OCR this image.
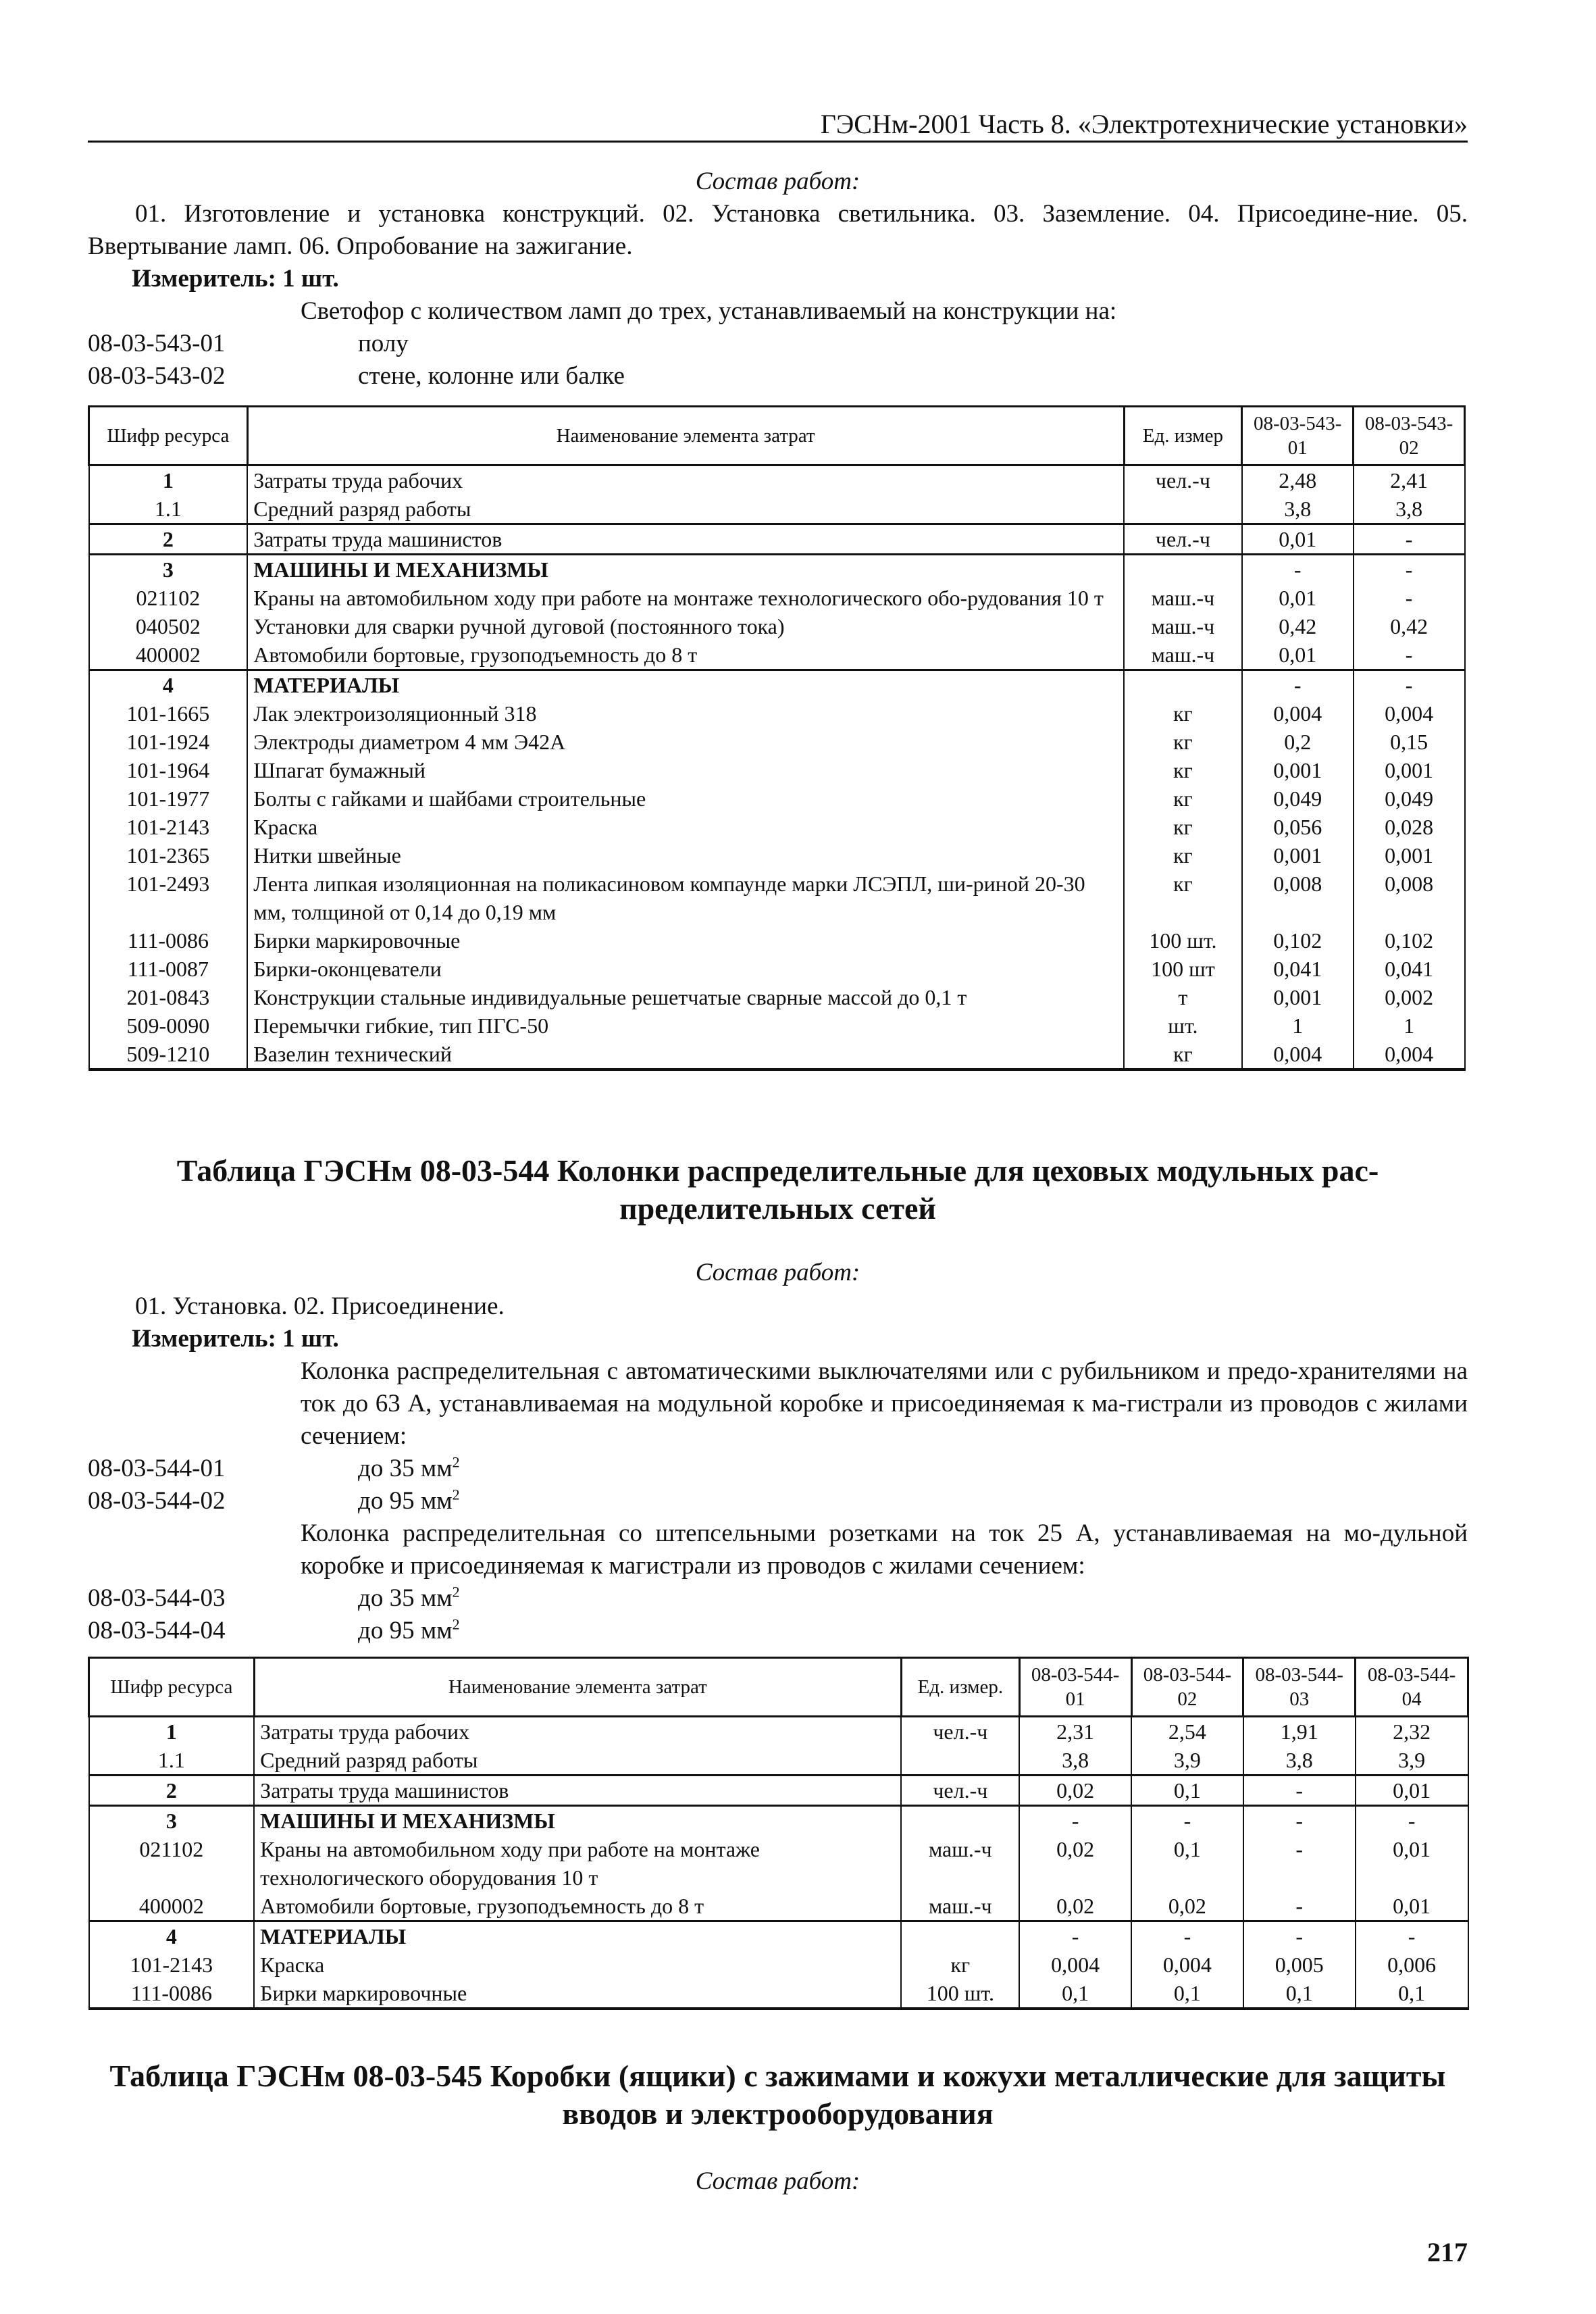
ГЭСНм-2001 Часть 8. «Электротехнические установки»
Состав работ:
01. Изготовление и установка конструкций. 02. Установка светильника. 03. Заземление. 04. Присоедине-ние. 05. Ввертывание ламп. 06. Опробование на зажигание.
Измеритель: 1 шт.
Светофор с количеством ламп до трех, устанавливаемый на конструкции на:
08-03-543-01	полу
08-03-543-02	стене, колонне или балке
Шифр ресурса	Наименование элемента затрат	Ед. измер	08-03-543-01	08-03-543-02
1	Затраты труда рабочих	чел.-ч	2,48	2,41
1.1	Средний разряд работы		3,8	3,8
2	Затраты труда машинистов	чел.-ч	0,01	-
3	МАШИНЫ И МЕХАНИЗМЫ		-	-
021102	Краны на автомобильном ходу при работе на монтаже технологического обо-рудования 10 т	маш.-ч	0,01	-
040502	Установки для сварки ручной дуговой (постоянного тока)	маш.-ч	0,42	0,42
400002	Автомобили бортовые, грузоподъемность до 8 т	маш.-ч	0,01	-
4	МАТЕРИАЛЫ		-	-
101-1665	Лак электроизоляционный 318	кг	0,004	0,004
101-1924	Электроды диаметром 4 мм Э42А	кг	0,2	0,15
101-1964	Шпагат бумажный	кг	0,001	0,001
101-1977	Болты с гайками и шайбами строительные	кг	0,049	0,049
101-2143	Краска	кг	0,056	0,028
101-2365	Нитки швейные	кг	0,001	0,001
101-2493	Лента липкая изоляционная на поликасиновом компаунде марки ЛСЭПЛ, ши-риной 20-30 мм, толщиной от 0,14 до 0,19 мм	кг	0,008	0,008
111-0086	Бирки маркировочные	100 шт.	0,102	0,102
111-0087	Бирки-оконцеватели	100 шт	0,041	0,041
201-0843	Конструкции стальные индивидуальные решетчатые сварные массой до 0,1 т	т	0,001	0,002
509-0090	Перемычки гибкие, тип ПГС-50	шт.	1	1
509-1210	Вазелин технический	кг	0,004	0,004
Таблица ГЭСНм 08-03-544 Колонки распределительные для цеховых модульных рас-пределительных сетей
Состав работ:
01. Установка. 02. Присоединение.
Измеритель: 1 шт.
Колонка распределительная с автоматическими выключателями или с рубильником и предо-хранителями на ток до 63 А, устанавливаемая на модульной коробке и присоединяемая к ма-гистрали из проводов с жилами сечением:
08-03-544-01	до 35 $мм^2$
08-03-544-02	до 95 $мм^2$
Колонка распределительная со штепсельными розетками на ток 25 А, устанавливаемая на мо-дульной коробке и присоединяемая к магистрали из проводов с жилами сечением:
08-03-544-03	до 35 $мм^2$
08-03-544-04	до 95 $мм^2$
Шифр ресурса	Наименование элемента затрат	Ед. измер.	08-03-544-01	08-03-544-02	08-03-544-03	08-03-544-04
1	Затраты труда рабочих	чел.-ч	2,31	2,54	1,91	2,32
1.1	Средний разряд работы		3,8	3,9	3,8	3,9
2	Затраты труда машинистов	чел.-ч	0,02	0,1	-	0,01
3	МАШИНЫ И МЕХАНИЗМЫ		-	-	-	-
021102	Краны на автомобильном ходу при работе на монтаже технологического оборудования 10 т	маш.-ч	0,02	0,1	-	0,01
400002	Автомобили бортовые, грузоподъемность до 8 т	маш.-ч	0,02	0,02	-	0,01
4	МАТЕРИАЛЫ		-	-	-	-
101-2143	Краска	кг	0,004	0,004	0,005	0,006
111-0086	Бирки маркировочные	100 шт.	0,1	0,1	0,1	0,1
Таблица ГЭСНм 08-03-545 Коробки (ящики) с зажимами и кожухи металлические для защиты вводов и электрооборудования
Состав работ:
217
